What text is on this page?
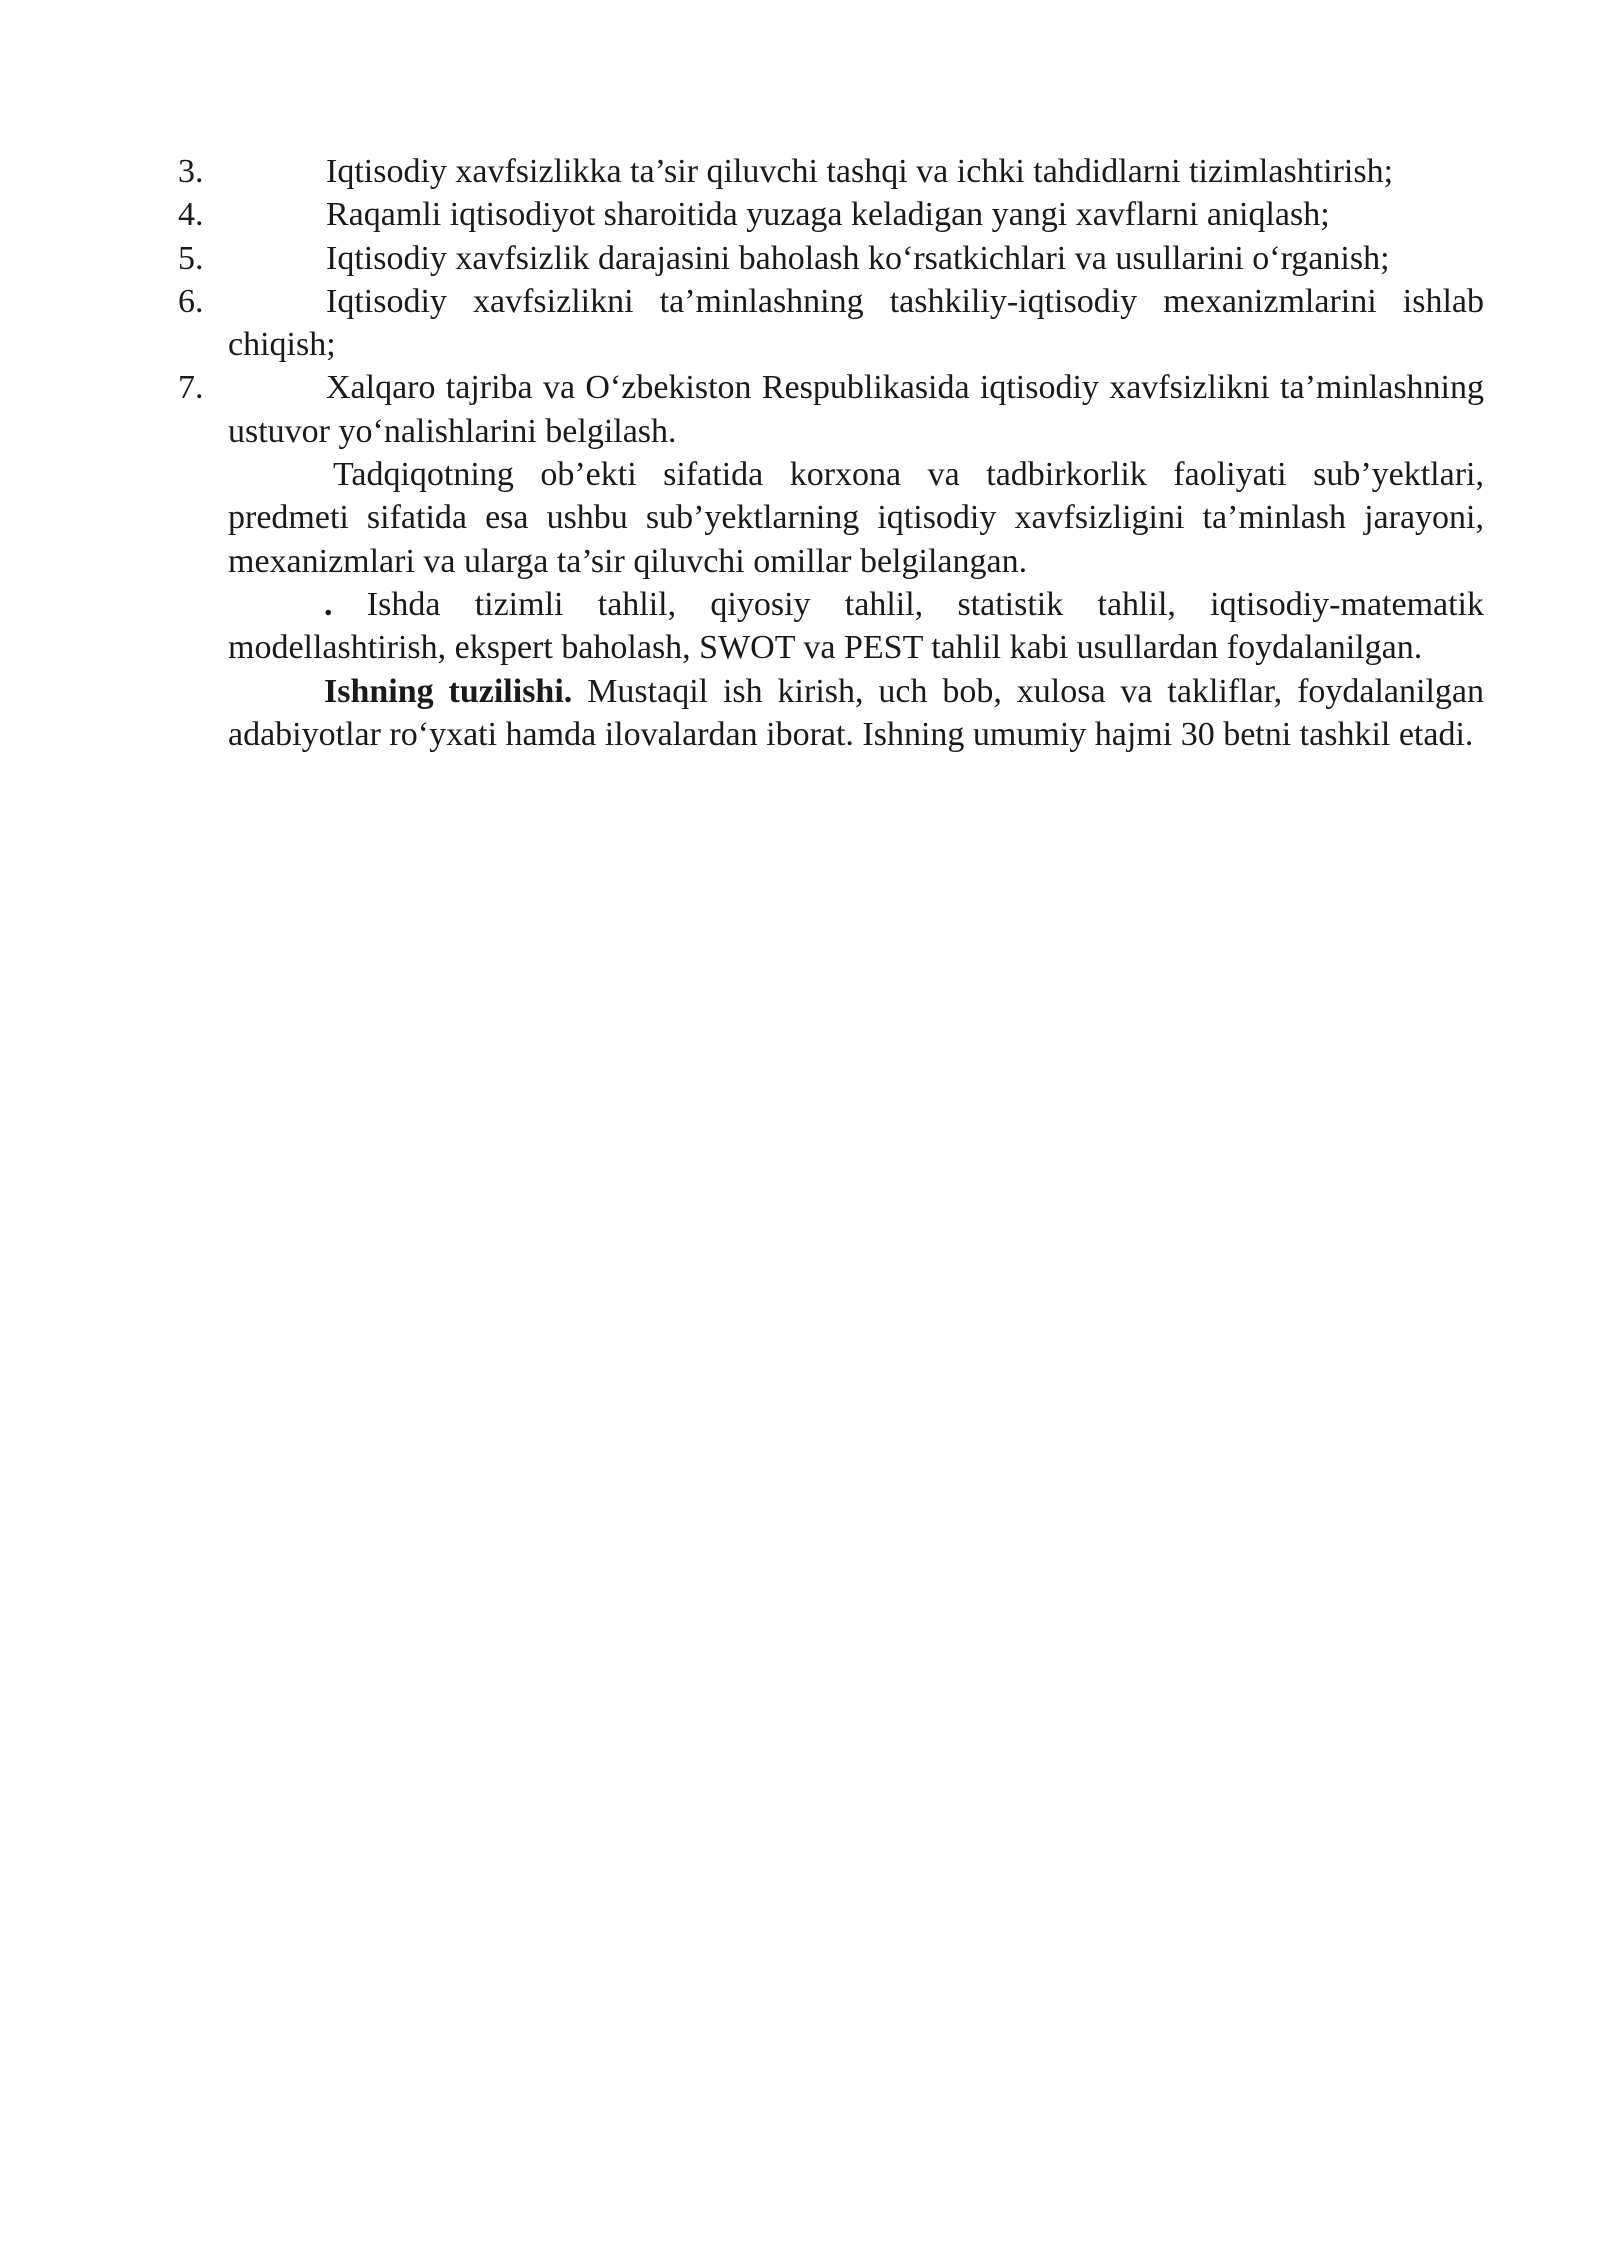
3.	Iqtisodiy xavfsizlikka ta’sir qiluvchi tashqi va ichki tahdidlarni tizimlashtirish;
4.	Raqamli iqtisodiyot sharoitida yuzaga keladigan yangi xavflarni aniqlash;
5.	Iqtisodiy xavfsizlik darajasini baholash ko‘rsatkichlari va usullarini o‘rganish;
6.	Iqtisodiy xavfsizlikni ta’minlashning tashkiliy-iqtisodiy mexanizmlarini ishlab chiqish;
7.	Xalqaro tajriba va O‘zbekiston Respublikasida iqtisodiy xavfsizlikni ta’minlashning ustuvor yo‘nalishlarini belgilash.

Tadqiqotning ob’ekti sifatida korxona va tadbirkorlik faoliyati sub’yektlari, predmeti sifatida esa ushbu sub’yektlarning iqtisodiy xavfsizligini ta’minlash jarayoni, mexanizmlari va ularga ta’sir qiluvchi omillar belgilangan.

. Ishda tizimli tahlil, qiyosiy tahlil, statistik tahlil, iqtisodiy-matematik modellashtirish, ekspert baholash, SWOT va PEST tahlil kabi usullardan foydalanilgan.

Ishning tuzilishi. Mustaqil ish kirish, uch bob, xulosa va takliflar, foydalanilgan adabiyotlar ro‘yxati hamda ilovalardan iborat. Ishning umumiy hajmi 30 betni tashkil etadi.
